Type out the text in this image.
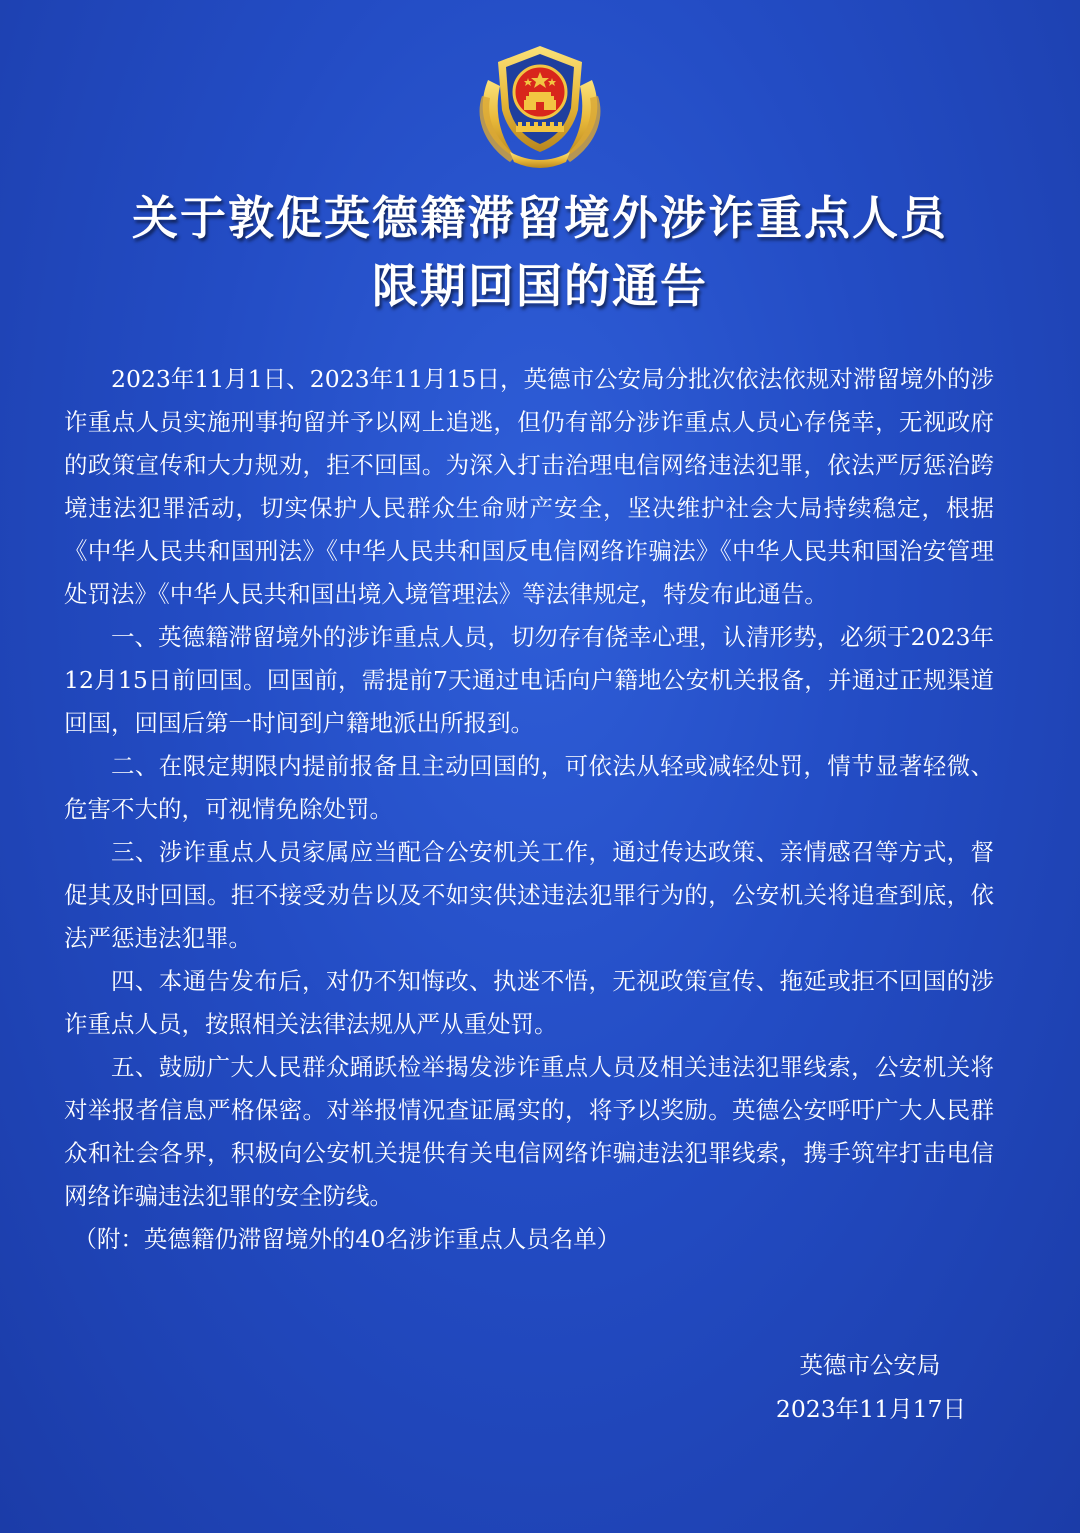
关于敦促英德籍滞留境外涉诈重点人员
限期回国的通告

2023年11月1日、2023年11月15日，英德市公安局分批次依法依规对滞留境外的涉诈重点人员实施刑事拘留并予以网上追逃，但仍有部分涉诈重点人员心存侥幸，无视政府的政策宣传和大力规劝，拒不回国。为深入打击治理电信网络违法犯罪，依法严厉惩治跨境违法犯罪活动，切实保护人民群众生命财产安全，坚决维护社会大局持续稳定，根据《中华人民共和国刑法》《中华人民共和国反电信网络诈骗法》《中华人民共和国治安管理处罚法》《中华人民共和国出境入境管理法》等法律规定，特发布此通告。

一、英德籍滞留境外的涉诈重点人员，切勿存有侥幸心理，认清形势，必须于2023年12月15日前回国。回国前，需提前7天通过电话向户籍地公安机关报备，并通过正规渠道回国，回国后第一时间到户籍地派出所报到。

二、在限定期限内提前报备且主动回国的，可依法从轻或减轻处罚，情节显著轻微、危害不大的，可视情免除处罚。

三、涉诈重点人员家属应当配合公安机关工作，通过传达政策、亲情感召等方式，督促其及时回国。拒不接受劝告以及不如实供述违法犯罪行为的，公安机关将追查到底，依法严惩违法犯罪。

四、本通告发布后，对仍不知悔改、执迷不悟，无视政策宣传、拖延或拒不回国的涉诈重点人员，按照相关法律法规从严从重处罚。

五、鼓励广大人民群众踊跃检举揭发涉诈重点人员及相关违法犯罪线索，公安机关将对举报者信息严格保密。对举报情况查证属实的，将予以奖励。英德公安呼吁广大人民群众和社会各界，积极向公安机关提供有关电信网络诈骗违法犯罪线索，携手筑牢打击电信网络诈骗违法犯罪的安全防线。

（附：英德籍仍滞留境外的40名涉诈重点人员名单）

英德市公安局
2023年11月17日
